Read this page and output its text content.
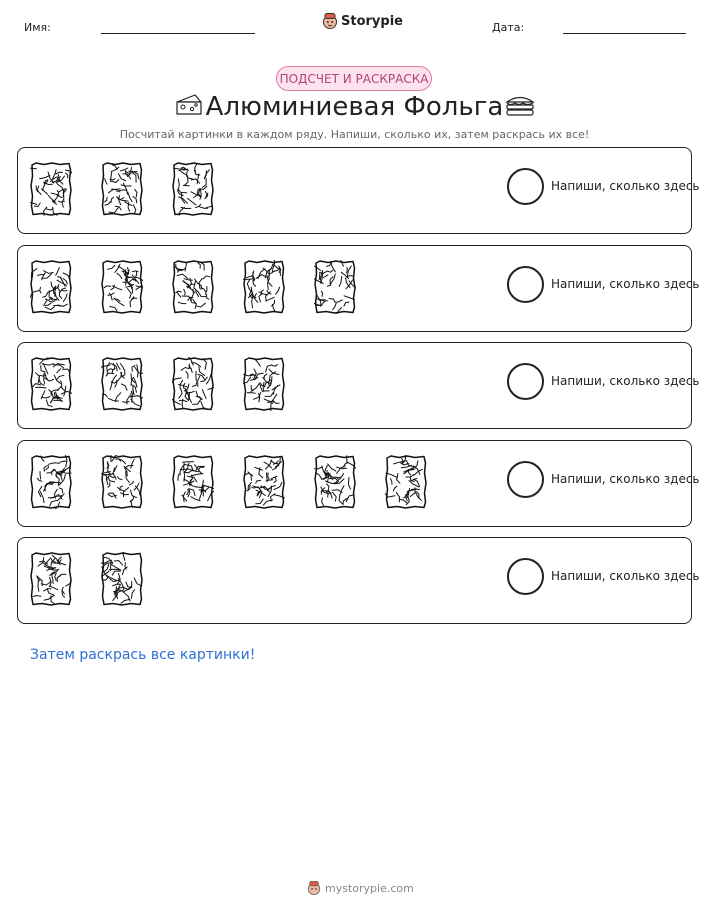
Имя:	Storypie	Дата:
ПОДСЧЕТ И РАСКРАСКА
Алюминиевая Фольга
Посчитай картинки в каждом ряду. Напиши, сколько их, затем раскрась их все!
Напиши, сколько здесь
Напиши, сколько здесь
Напиши, сколько здесь
Напиши, сколько здесь
Напиши, сколько здесь
Затем раскрась все картинки!
mystorypie.com
